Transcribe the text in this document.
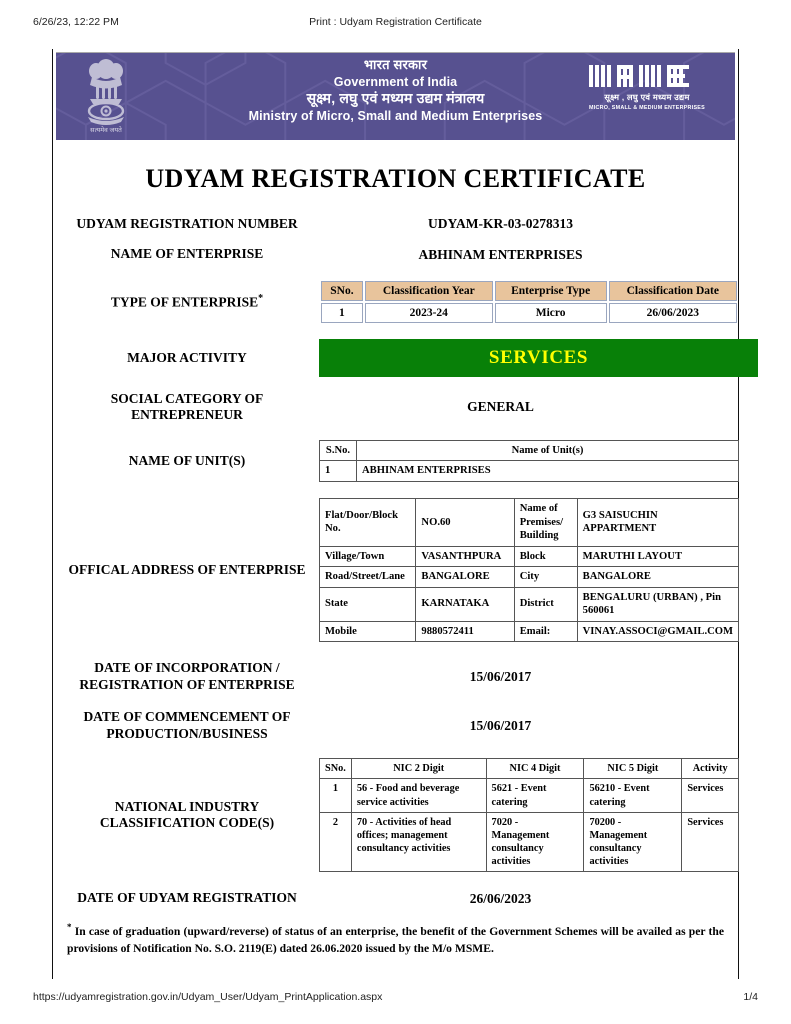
6/26/23, 12:22 PM	Print : Udyam Registration Certificate
सत्यमेव जयते
भारत सरकार
Government of India
सूक्ष्म, लघु एवं मध्यम उद्यम मंत्रालय
Ministry of Micro, Small and Medium Enterprises
सूक्ष्म , लघु एवं मध्यम उद्यम
MICRO, SMALL & MEDIUM ENTERPRISES
UDYAM REGISTRATION CERTIFICATE
UDYAM REGISTRATION NUMBER	UDYAM-KR-03-0278313
NAME OF ENTERPRISE	ABHINAM ENTERPRISES
TYPE OF ENTERPRISE*
SNo.	Classification Year	Enterprise Type	Classification Date
1	2023-24	Micro	26/06/2023
MAJOR ACTIVITY	SERVICES
SOCIAL CATEGORY OF ENTREPRENEUR
GENERAL
NAME OF UNIT(S)
S.No.	Name of Unit(s)
1	ABHINAM ENTERPRISES
OFFICAL ADDRESS OF ENTERPRISE
Flat/Door/Block No.	NO.60	Name of Premises/ Building	G3 SAISUCHIN APPARTMENT
Village/Town	VASANTHPURA	Block	MARUTHI LAYOUT
Road/Street/Lane	BANGALORE	City	BANGALORE
State	KARNATAKA	District	BENGALURU (URBAN) , Pin 560061
Mobile	9880572411	Email:	VINAY.ASSOCI@GMAIL.COM
DATE OF INCORPORATION / REGISTRATION OF ENTERPRISE
15/06/2017
DATE OF COMMENCEMENT OF PRODUCTION/BUSINESS
15/06/2017
NATIONAL INDUSTRY CLASSIFICATION CODE(S)
SNo.	NIC 2 Digit	NIC 4 Digit	NIC 5 Digit	Activity
1	56 - Food and beverage service activities	5621 - Event catering	56210 - Event catering	Services
2	70 - Activities of head offices; management consultancy activities	7020 - Management consultancy activities	70200 - Management consultancy activities	Services
DATE OF UDYAM REGISTRATION	26/06/2023
* In case of graduation (upward/reverse) of status of an enterprise, the benefit of the Government Schemes will be availed as per the provisions of Notification No. S.O. 2119(E) dated 26.06.2020 issued by the M/o MSME.
https://udyamregistration.gov.in/Udyam_User/Udyam_PrintApplication.aspx	1/4
